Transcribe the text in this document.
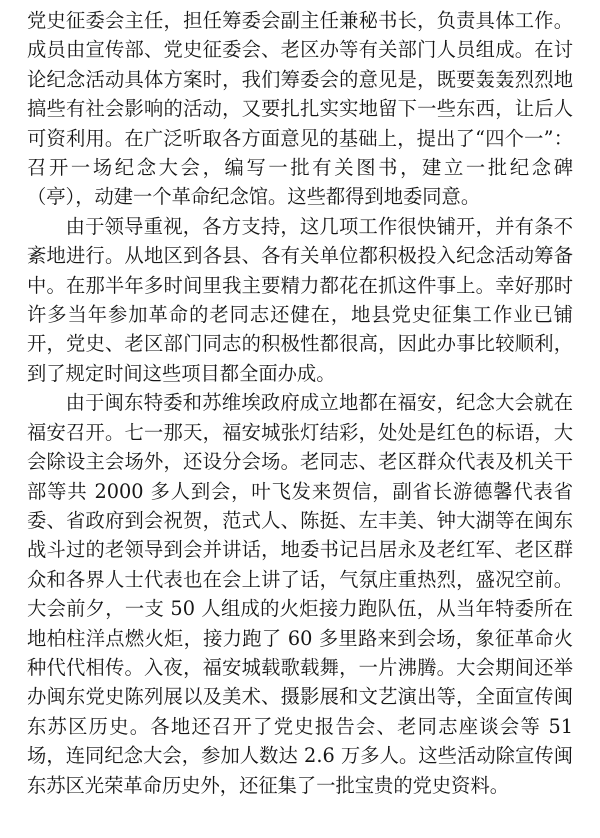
党史征委会主任，担任筹委会副主任兼秘书长，负责具体工作。成员由宣传部、党史征委会、老区办等有关部门人员组成。在讨论纪念活动具体方案时，我们筹委会的意见是，既要轰轰烈烈地搞些有社会影响的活动，又要扎扎实实地留下一些东西，让后人可资利用。在广泛听取各方面意见的基础上，提出了“四个一”：召开一场纪念大会，编写一批有关图书，建立一批纪念碑（亭），动建一个革命纪念馆。这些都得到地委同意。

由于领导重视，各方支持，这几项工作很快铺开，并有条不紊地进行。从地区到各县、各有关单位都积极投入纪念活动筹备中。在那半年多时间里我主要精力都花在抓这件事上。幸好那时许多当年参加革命的老同志还健在，地县党史征集工作业已铺开，党史、老区部门同志的积极性都很高，因此办事比较顺利，到了规定时间这些项目都全面办成。

由于闽东特委和苏维埃政府成立地都在福安，纪念大会就在福安召开。七一那天，福安城张灯结彩，处处是红色的标语，大会除设主会场外，还设分会场。老同志、老区群众代表及机关干部等共 2000 多人到会，叶飞发来贺信，副省长游德馨代表省委、省政府到会祝贺，范式人、陈挺、左丰美、钟大湖等在闽东战斗过的老领导到会并讲话，地委书记吕居永及老红军、老区群众和各界人士代表也在会上讲了话，气氛庄重热烈，盛况空前。大会前夕，一支 50 人组成的火炬接力跑队伍，从当年特委所在地柏柱洋点燃火炬，接力跑了 60 多里路来到会场，象征革命火种代代相传。入夜，福安城载歌载舞，一片沸腾。大会期间还举办闽东党史陈列展以及美术、摄影展和文艺演出等，全面宣传闽东苏区历史。各地还召开了党史报告会、老同志座谈会等 51 场，连同纪念大会，参加人数达 2.6 万多人。这些活动除宣传闽东苏区光荣革命历史外，还征集了一批宝贵的党史资料。
